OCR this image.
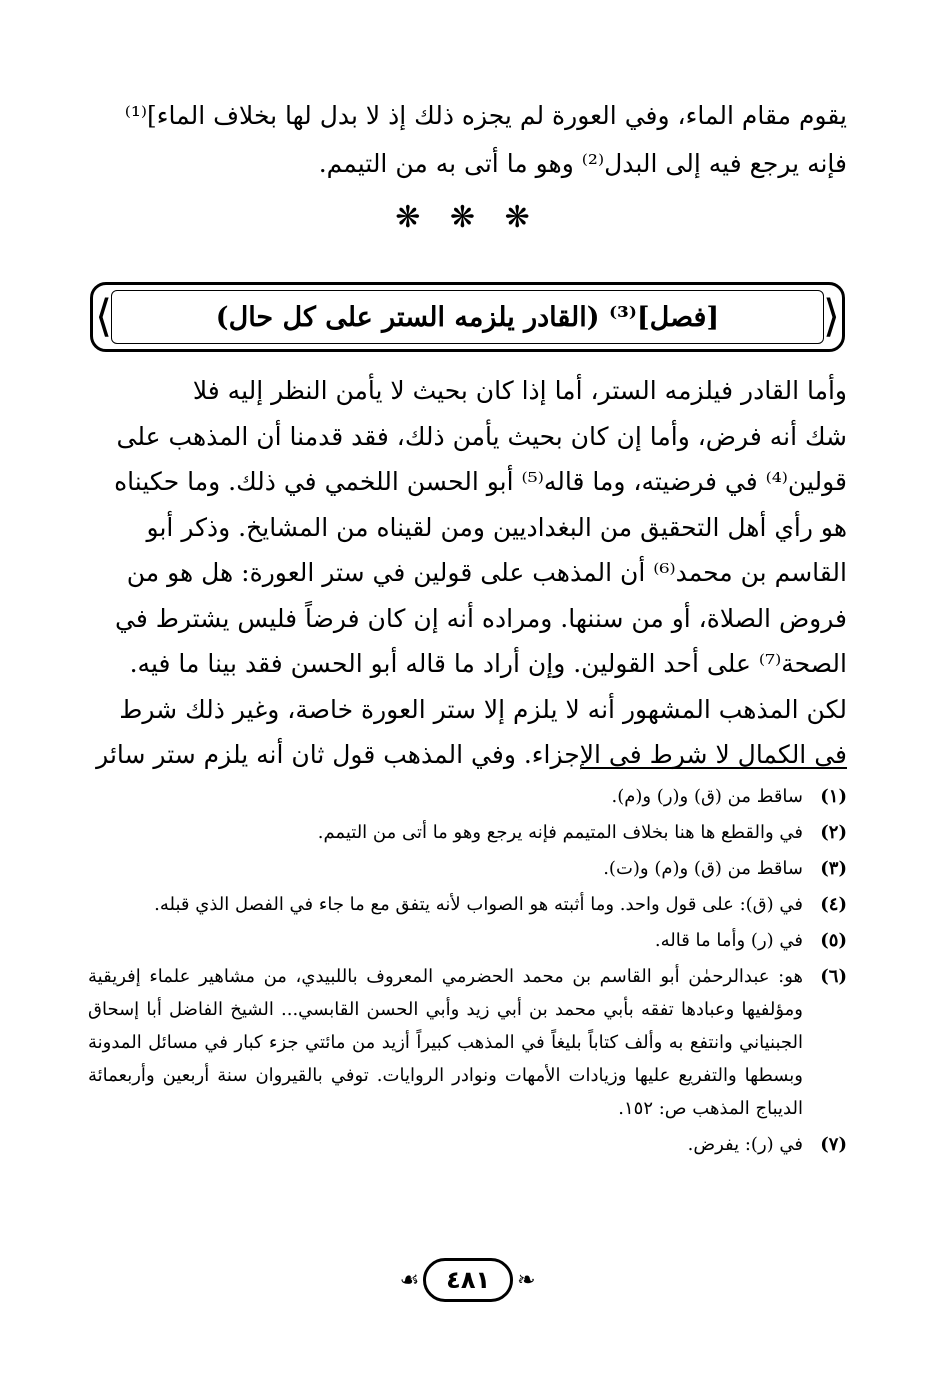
يقوم مقام الماء، وفي العورة لم يجزه ذلك إذ لا بدل لها بخلاف الماء]⁽¹⁾

فإنه يرجع فيه إلى البدل⁽²⁾ وهو ما أتى به من التيمم.

❋ ❋ ❋
⟨
⟩	[فصل]⁽³⁾ (القادر يلزمه الستر على كل حال)

وأما القادر فيلزمه الستر، أما إذا كان بحيث لا يأمن النظر إليه فلا

شك أنه فرض، وأما إن كان بحيث يأمن ذلك، فقد قدمنا أن المذهب على

قولين⁽⁴⁾ في فرضيته، وما قاله⁽⁵⁾ أبو الحسن اللخمي في ذلك. وما حكيناه

هو رأي أهل التحقيق من البغداديين ومن لقيناه من المشايخ. وذكر أبو

القاسم بن محمد⁽⁶⁾ أن المذهب على قولين في ستر العورة: هل هو من

فروض الصلاة، أو من سننها. ومراده أنه إن كان فرضاً فليس يشترط في

الصحة⁽⁷⁾ على أحد القولين. وإن أراد ما قاله أبو الحسن فقد بينا ما فيه.

لكن المذهب المشهور أنه لا يلزم إلا ستر العورة خاصة، وغير ذلك شرط

في الكمال لا شرط في الإجزاء. وفي المذهب قول ثان أنه يلزم ستر سائر

(١)
ساقط من (ق) و(ر) و(م).
(٢)
في والقطع ها هنا بخلاف المتيمم فإنه يرجع وهو ما أتى من التيمم.
(٣)
ساقط من (ق) و(م) و(ت).
(٤)
في (ق): على قول واحد. وما أثبته هو الصواب لأنه يتفق مع ما جاء في الفصل الذي قبله.
(٥)
في (ر) وأما ما قاله.
(٦)
هو: عبدالرحمٰن أبو القاسم بن محمد الحضرمي المعروف باللبيدي، من مشاهير علماء إفريقية ومؤلفيها وعبادها تفقه بأبي محمد بن أبي زيد وأبي الحسن القابسي... الشيخ الفاضل أبا إسحاق الجبنياني وانتفع به وألف كتاباً بليغاً في المذهب كبيراً أزيد من مائتي جزء كبار في مسائل المدونة وبسطها والتفريع عليها وزيادات الأمهات ونوادر الروايات. توفي بالقيروان سنة أربعين وأربعمائة الديباج المذهب ص: ١٥٢.
(٧)
في (ر): يفرض.
❧
٤٨١
☙
